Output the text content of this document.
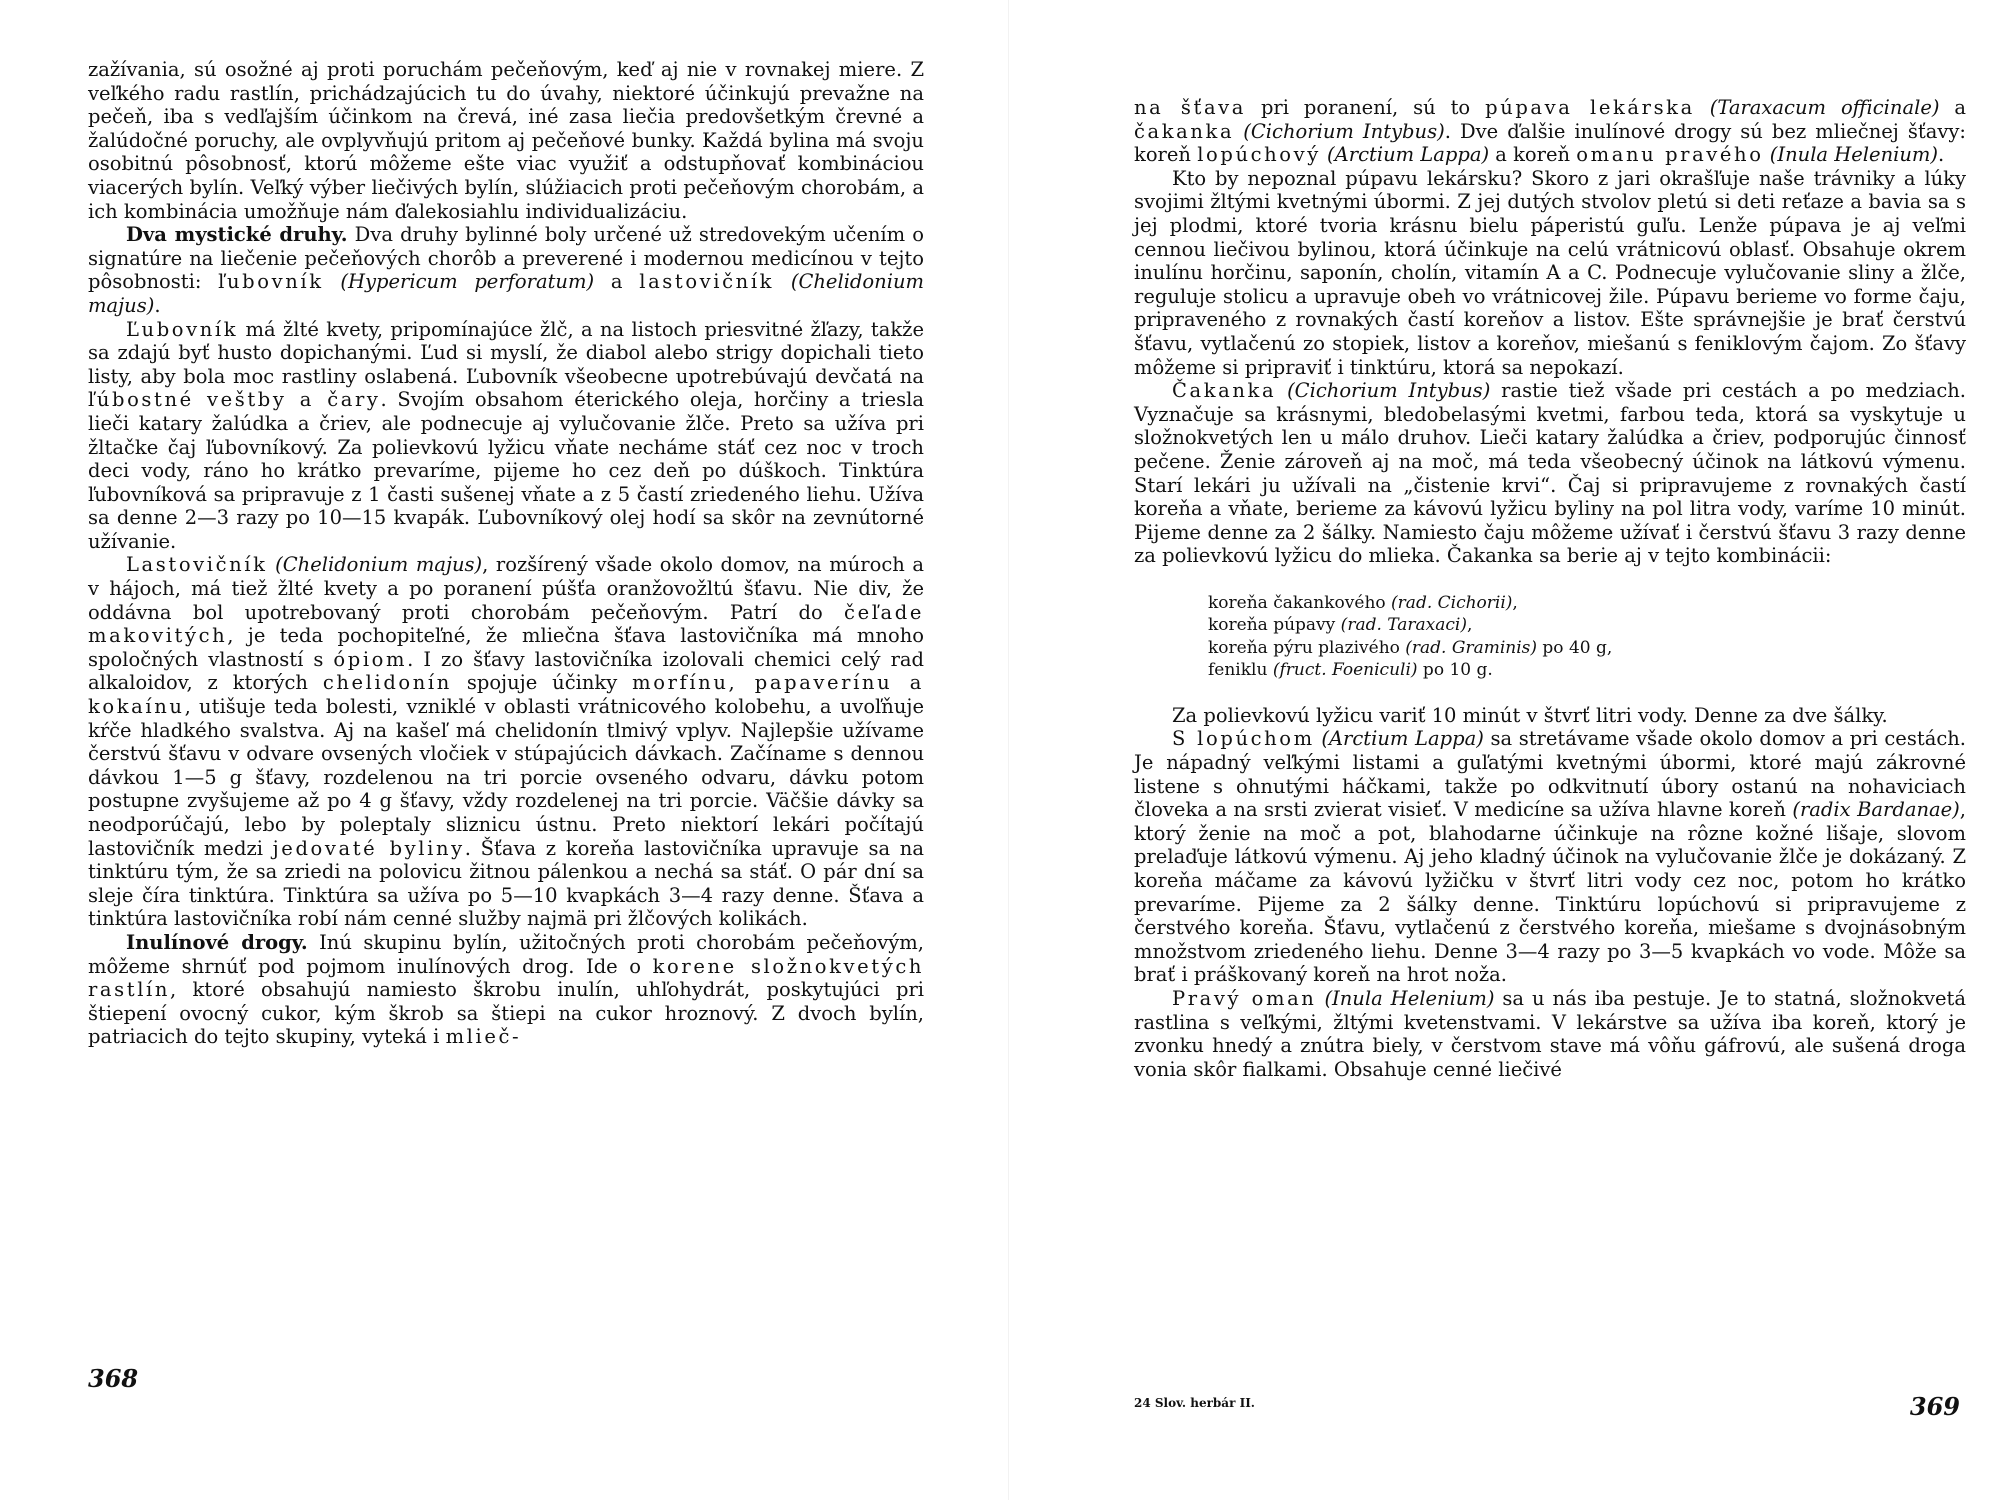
zažívania, sú osožné aj proti poruchám pečeňovým, keď aj nie v rovnakej miere. Z veľkého radu rastlín, prichádzajúcich tu do úvahy, niektoré účinkujú prevažne na pečeň, iba s vedľajším účinkom na črevá, iné zasa liečia predovšetkým črevné a žalúdočné poruchy, ale ovplyvňujú pritom aj pečeňové bunky. Každá bylina má svoju osobitnú pôsobnosť, ktorú môžeme ešte viac využiť a odstupňovať kombináciou viacerých bylín. Veľký výber liečivých bylín, slúžiacich proti pečeňovým chorobám, a ich kombinácia umožňuje nám ďalekosiahlu individualizáciu.

Dva mystické druhy. Dva druhy bylinné boly určené už stredovekým učením o signatúre na liečenie pečeňových chorôb a preverené i modernou medicínou v tejto pôsobnosti: ľubovník (Hypericum perforatum) a lastovičník (Chelidonium majus).

Ľubovník má žlté kvety, pripomínajúce žlč, a na listoch priesvitné žľazy, takže sa zdajú byť husto dopichanými. Ľud si myslí, že diabol alebo strigy dopichali tieto listy, aby bola moc rastliny oslabená. Ľubovník všeobecne upotrebúvajú devčatá na ľúbostné veštby a čary. Svojím obsahom éterického oleja, horčiny a triesla lieči katary žalúdka a čriev, ale podnecuje aj vylučovanie žlče. Preto sa užíva pri žltačke čaj ľubovníkový. Za polievkovú lyžicu vňate necháme stáť cez noc v troch deci vody, ráno ho krátko prevaríme, pijeme ho cez deň po dúškoch. Tinktúra ľubovníková sa pripravuje z 1 časti sušenej vňate a z 5 častí zriedeného liehu. Užíva sa denne 2—3 razy po 10—15 kvapák. Ľubovníkový olej hodí sa skôr na zevnútorné užívanie.

Lastovičník (Chelidonium majus), rozšírený všade okolo domov, na múroch a v hájoch, má tiež žlté kvety a po poranení púšťa oranžovožltú šťavu. Nie div, že oddávna bol upotrebovaný proti chorobám pečeňovým. Patrí do čeľade makovitých, je teda pochopiteľné, že mliečna šťava lastovičníka má mnoho spoločných vlastností s ópiom. I zo šťavy lastovičníka izolovali chemici celý rad alkaloidov, z ktorých chelidonín spojuje účinky morfínu, papaverínu a kokaínu, utišuje teda bolesti, vzniklé v oblasti vrátnicového kolobehu, a uvoľňuje kŕče hladkého svalstva. Aj na kašeľ má chelidonín tlmivý vplyv. Najlepšie užívame čerstvú šťavu v odvare ovsených vločiek v stúpajúcich dávkach. Začíname s dennou dávkou 1—5 g šťavy, rozdelenou na tri porcie ovseného odvaru, dávku potom postupne zvyšujeme až po 4 g šťavy, vždy rozdelenej na tri porcie. Väčšie dávky sa neodporúčajú, lebo by poleptaly sliznicu ústnu. Preto niektorí lekári počítajú lastovičník medzi jedovaté byliny. Šťava z koreňa lastovičníka upravuje sa na tinktúru tým, že sa zriedi na polovicu žitnou pálenkou a nechá sa stáť. O pár dní sa sleje číra tinktúra. Tinktúra sa užíva po 5—10 kvapkách 3—4 razy denne. Šťava a tinktúra lastovičníka robí nám cenné služby najmä pri žlčových kolikách.

Inulínové drogy. Inú skupinu bylín, užitočných proti chorobám pečeňovým, môžeme shrnúť pod pojmom inulínových drog. Ide o korene složnokvetých rastlín, ktoré obsahujú namiesto škrobu inulín, uhľohydrát, poskytujúci pri štiepení ovocný cukor, kým škrob sa štiepi na cukor hroznový. Z dvoch bylín, patriacich do tejto skupiny, vyteká i mlieč-

368

na šťava pri poranení, sú to púpava lekárska (Taraxacum officinale) a čakanka (Cichorium Intybus). Dve ďalšie inulínové drogy sú bez mliečnej šťavy: koreň lopúchový (Arctium Lappa) a koreň omanu pravého (Inula Helenium).

Kto by nepoznal púpavu lekársku? Skoro z jari okrašľuje naše trávniky a lúky svojimi žltými kvetnými úbormi. Z jej dutých stvolov pletú si deti reťaze a bavia sa s jej plodmi, ktoré tvoria krásnu bielu páperistú guľu. Lenže púpava je aj veľmi cennou liečivou bylinou, ktorá účinkuje na celú vrátnicovú oblasť. Obsahuje okrem inulínu horčinu, saponín, cholín, vitamín A a C. Podnecuje vylučovanie sliny a žlče, reguluje stolicu a upravuje obeh vo vrátnicovej žile. Púpavu berieme vo forme čaju, pripraveného z rovnakých častí koreňov a listov. Ešte správnejšie je brať čerstvú šťavu, vytlačenú zo stopiek, listov a koreňov, miešanú s feniklovým čajom. Zo šťavy môžeme si pripraviť i tinktúru, ktorá sa nepokazí.

Čakanka (Cichorium Intybus) rastie tiež všade pri cestách a po medziach. Vyznačuje sa krásnymi, bledobelasými kvetmi, farbou teda, ktorá sa vyskytuje u složnokvetých len u málo druhov. Lieči katary žalúdka a čriev, podporujúc činnosť pečene. Ženie zároveň aj na moč, má teda všeobecný účinok na látkovú výmenu. Starí lekári ju užívali na „čistenie krvi“. Čaj si pripravujeme z rovnakých častí koreňa a vňate, berieme za kávovú lyžicu byliny na pol litra vody, varíme 10 minút. Pijeme denne za 2 šálky. Namiesto čaju môžeme užívať i čerstvú šťavu 3 razy denne za polievkovú lyžicu do mlieka. Čakanka sa berie aj v tejto kombinácii:

koreňa čakankového (rad. Cichorii),
koreňa púpavy (rad. Taraxaci),
koreňa pýru plazivého (rad. Graminis) po 40 g,
feniklu (fruct. Foeniculi) po 10 g.

Za polievkovú lyžicu variť 10 minút v štvrť litri vody. Denne za dve šálky.

S lopúchom (Arctium Lappa) sa stretávame všade okolo domov a pri cestách. Je nápadný veľkými listami a guľatými kvetnými úbormi, ktoré majú zákrovné listene s ohnutými háčkami, takže po odkvitnutí úbory ostanú na nohaviciach človeka a na srsti zvierat visieť. V medicíne sa užíva hlavne koreň (radix Bardanae), ktorý ženie na moč a pot, blahodarne účinkuje na rôzne kožné lišaje, slovom prelaďuje látkovú výmenu. Aj jeho kladný účinok na vylučovanie žlče je dokázaný. Z koreňa máčame za kávovú lyžičku v štvrť litri vody cez noc, potom ho krátko prevaríme. Pijeme za 2 šálky denne. Tinktúru lopúchovú si pripravujeme z čerstvého koreňa. Šťavu, vytlačenú z čerstvého koreňa, miešame s dvojnásobným množstvom zriedeného liehu. Denne 3—4 razy po 3—5 kvapkách vo vode. Môže sa brať i práškovaný koreň na hrot noža.

Pravý oman (Inula Helenium) sa u nás iba pestuje. Je to statná, složnokvetá rastlina s veľkými, žltými kvetenstvami. V lekárstve sa užíva iba koreň, ktorý je zvonku hnedý a znútra biely, v čerstvom stave má vôňu gáfrovú, ale sušená droga vonia skôr fialkami. Obsahuje cenné liečivé

24 Slov. herbár II.	369
